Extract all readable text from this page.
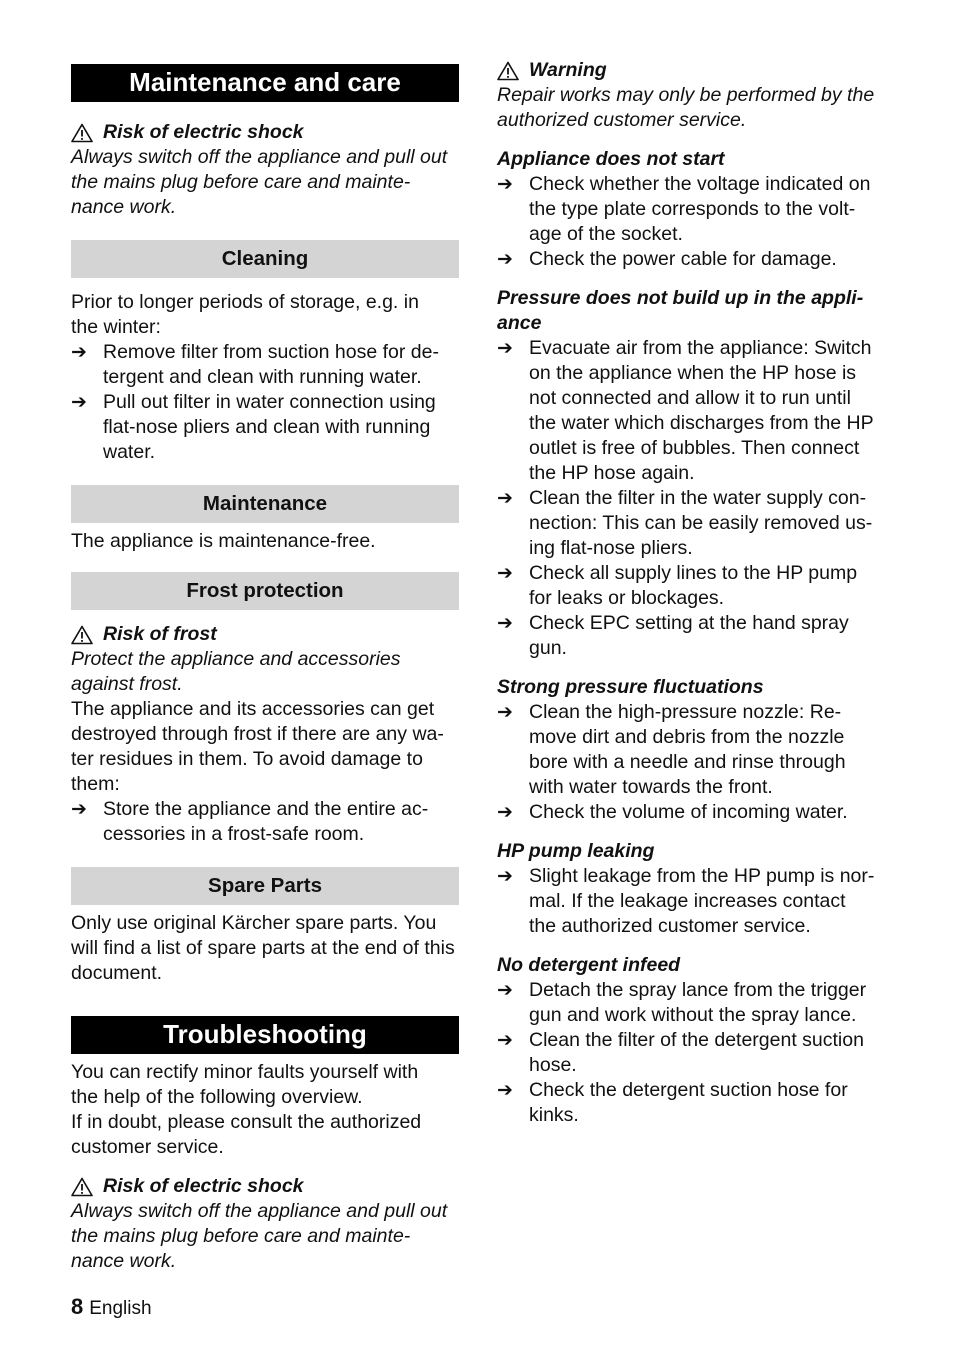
Maintenance and care
Risk of electric shock

Always switch off the appliance and pull out

the mains plug before care and mainte-

nance work.

Cleaning

Prior to longer periods of storage, e.g. in

the winter:

➔ Remove filter from suction hose for de-

tergent and clean with running water.

➔ Pull out filter in water connection using

flat-nose pliers and clean with running

water.

Maintenance

The appliance is maintenance-free.

Frost protection
Risk of frost

Protect the appliance and accessories

against frost.

The appliance and its accessories can get

destroyed through frost if there are any wa-

ter residues in them. To avoid damage to

them:

➔ Store the appliance and the entire ac-

cessories in a frost-safe room.

Spare Parts

Only use original Kärcher spare parts. You

will find a list of spare parts at the end of this

document.

Troubleshooting

You can rectify minor faults yourself with

the help of the following overview.

If in doubt, please consult the authorized

customer service.

Risk of electric shock

Always switch off the appliance and pull out

the mains plug before care and mainte-

nance work.

Warning

Repair works may only be performed by the

authorized customer service.

Appliance does not start

➔ Check whether the voltage indicated on

the type plate corresponds to the volt-

age of the socket.

➔ Check the power cable for damage.

Pressure does not build up in the appli-

ance

➔ Evacuate air from the appliance: Switch

on the appliance when the HP hose is

not connected and allow it to run until

the water which discharges from the HP

outlet is free of bubbles. Then connect

the HP hose again.

➔ Clean the filter in the water supply con-

nection: This can be easily removed us-

ing flat-nose pliers.

➔ Check all supply lines to the HP pump

for leaks or blockages.

➔ Check EPC setting at the hand spray

gun.

Strong pressure fluctuations

➔ Clean the high-pressure nozzle: Re-

move dirt and debris from the nozzle

bore with a needle and rinse through

with water towards the front.

➔ Check the volume of incoming water.

HP pump leaking

➔ Slight leakage from the HP pump is nor-

mal. If the leakage increases contact

the authorized customer service.

No detergent infeed

➔ Detach the spray lance from the trigger

gun and work without the spray lance.

➔ Clean the filter of the detergent suction

hose.

➔ Check the detergent suction hose for

kinks.

8 English
